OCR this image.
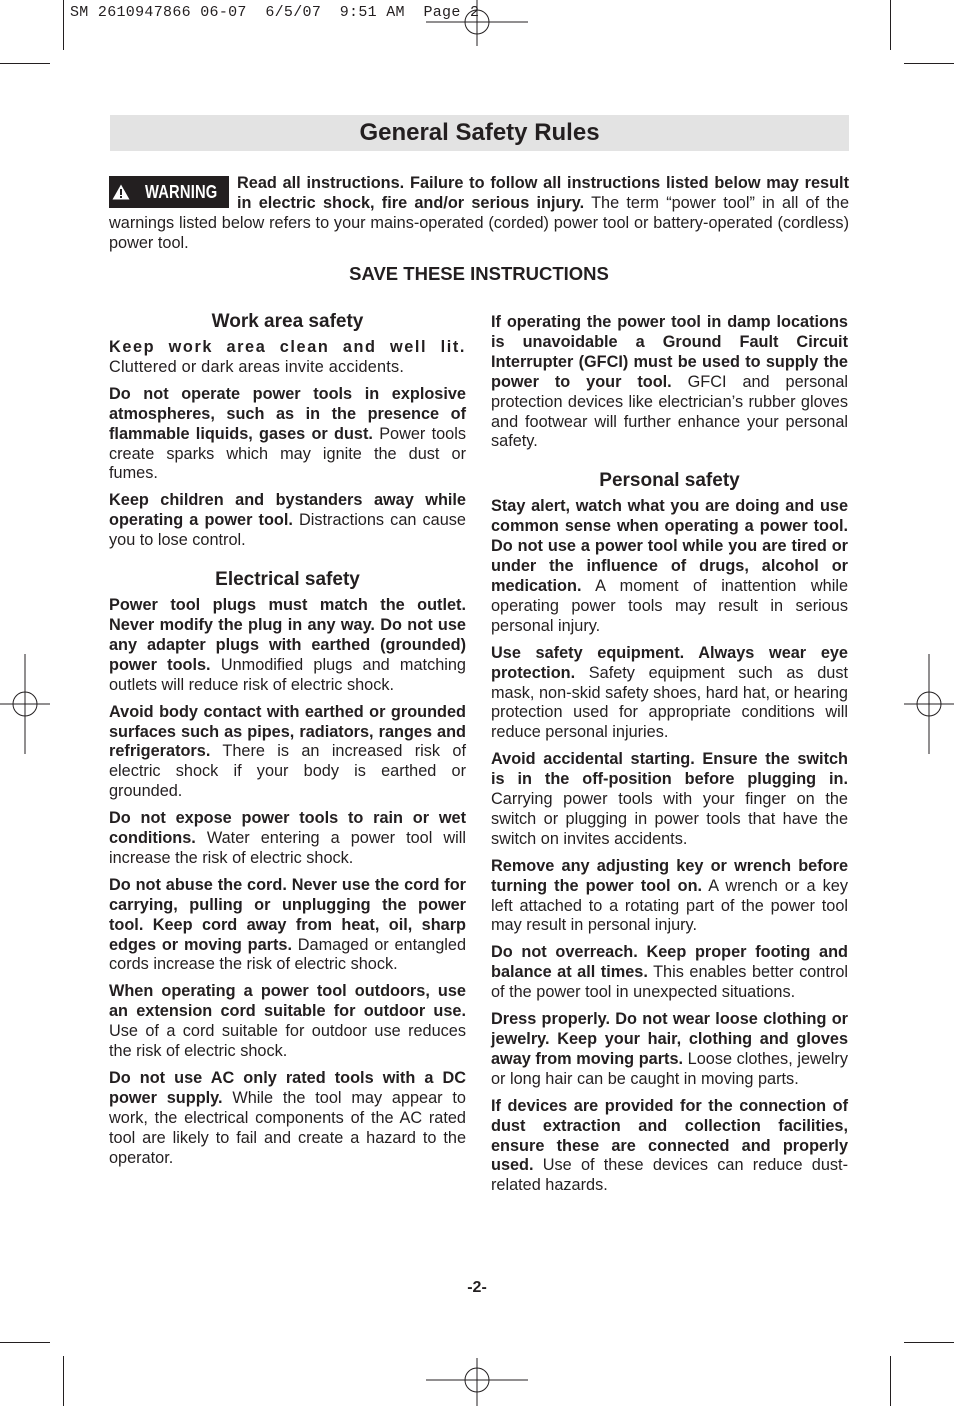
SM 2610947866 06-07  6/5/07  9:51 AM  Page 2
General Safety Rules
WARNING Read all instructions. Failure to follow all instructions listed below may result in electric shock, fire and/or serious injury. The term “power tool” in all of the warnings listed below refers to your mains-operated (corded) power tool or battery-operated (cordless) power tool.
SAVE THESE INSTRUCTIONS
Work area safety

Keep work area clean and well lit. Cluttered or dark areas invite accidents.

Do not operate power tools in explosive atmospheres, such as in the presence of flammable liquids, gases or dust. Power tools create sparks which may ignite the dust or fumes.

Keep children and bystanders away while operating a power tool. Distractions can cause you to lose control.

Electrical safety

Power tool plugs must match the outlet. Never modify the plug in any way. Do not use any adapter plugs with earthed (grounded) power tools. Unmodified plugs and matching outlets will reduce risk of electric shock.

Avoid body contact with earthed or grounded surfaces such as pipes, radiators, ranges and refrigerators. There is an increased risk of electric shock if your body is earthed or grounded.

Do not expose power tools to rain or wet conditions. Water entering a power tool will increase the risk of electric shock.

Do not abuse the cord. Never use the cord for carrying, pulling or unplugging the power tool. Keep cord away from heat, oil, sharp edges or moving parts. Damaged or entangled cords increase the risk of electric shock.

When operating a power tool outdoors, use an extension cord suitable for outdoor use. Use of a cord suitable for outdoor use reduces the risk of electric shock.

Do not use AC only rated tools with a DC power supply. While the tool may appear to work, the electrical components of the AC rated tool are likely to fail and create a hazard to the operator.

If operating the power tool in damp locations is unavoidable a Ground Fault Circuit Interrupter (GFCI) must be used to supply the power to your tool. GFCI and personal protection devices like electrician’s rubber gloves and footwear will further enhance your personal safety.

Personal safety

Stay alert, watch what you are doing and use common sense when operating a power tool. Do not use a power tool while you are tired or under the influence of drugs, alcohol or medication. A moment of inattention while operating power tools may result in serious personal injury.

Use safety equipment. Always wear eye protection. Safety equipment such as dust mask, non-skid safety shoes, hard hat, or hearing protection used for appropriate conditions will reduce personal injuries.

Avoid accidental starting. Ensure the switch is in the off-position before plugging in. Carrying power tools with your finger on the switch or plugging in power tools that have the switch on invites accidents.

Remove any adjusting key or wrench before turning the power tool on. A wrench or a key left attached to a rotating part of the power tool may result in personal injury.

Do not overreach. Keep proper footing and balance at all times. This enables better control of the power tool in unexpected situations.

Dress properly. Do not wear loose clothing or jewelry. Keep your hair, clothing and gloves away from moving parts. Loose clothes, jewelry or long hair can be caught in moving parts.

If devices are provided for the connection of dust extraction and collection facilities, ensure these are connected and properly used. Use of these devices can reduce dust-related hazards.

-2-
